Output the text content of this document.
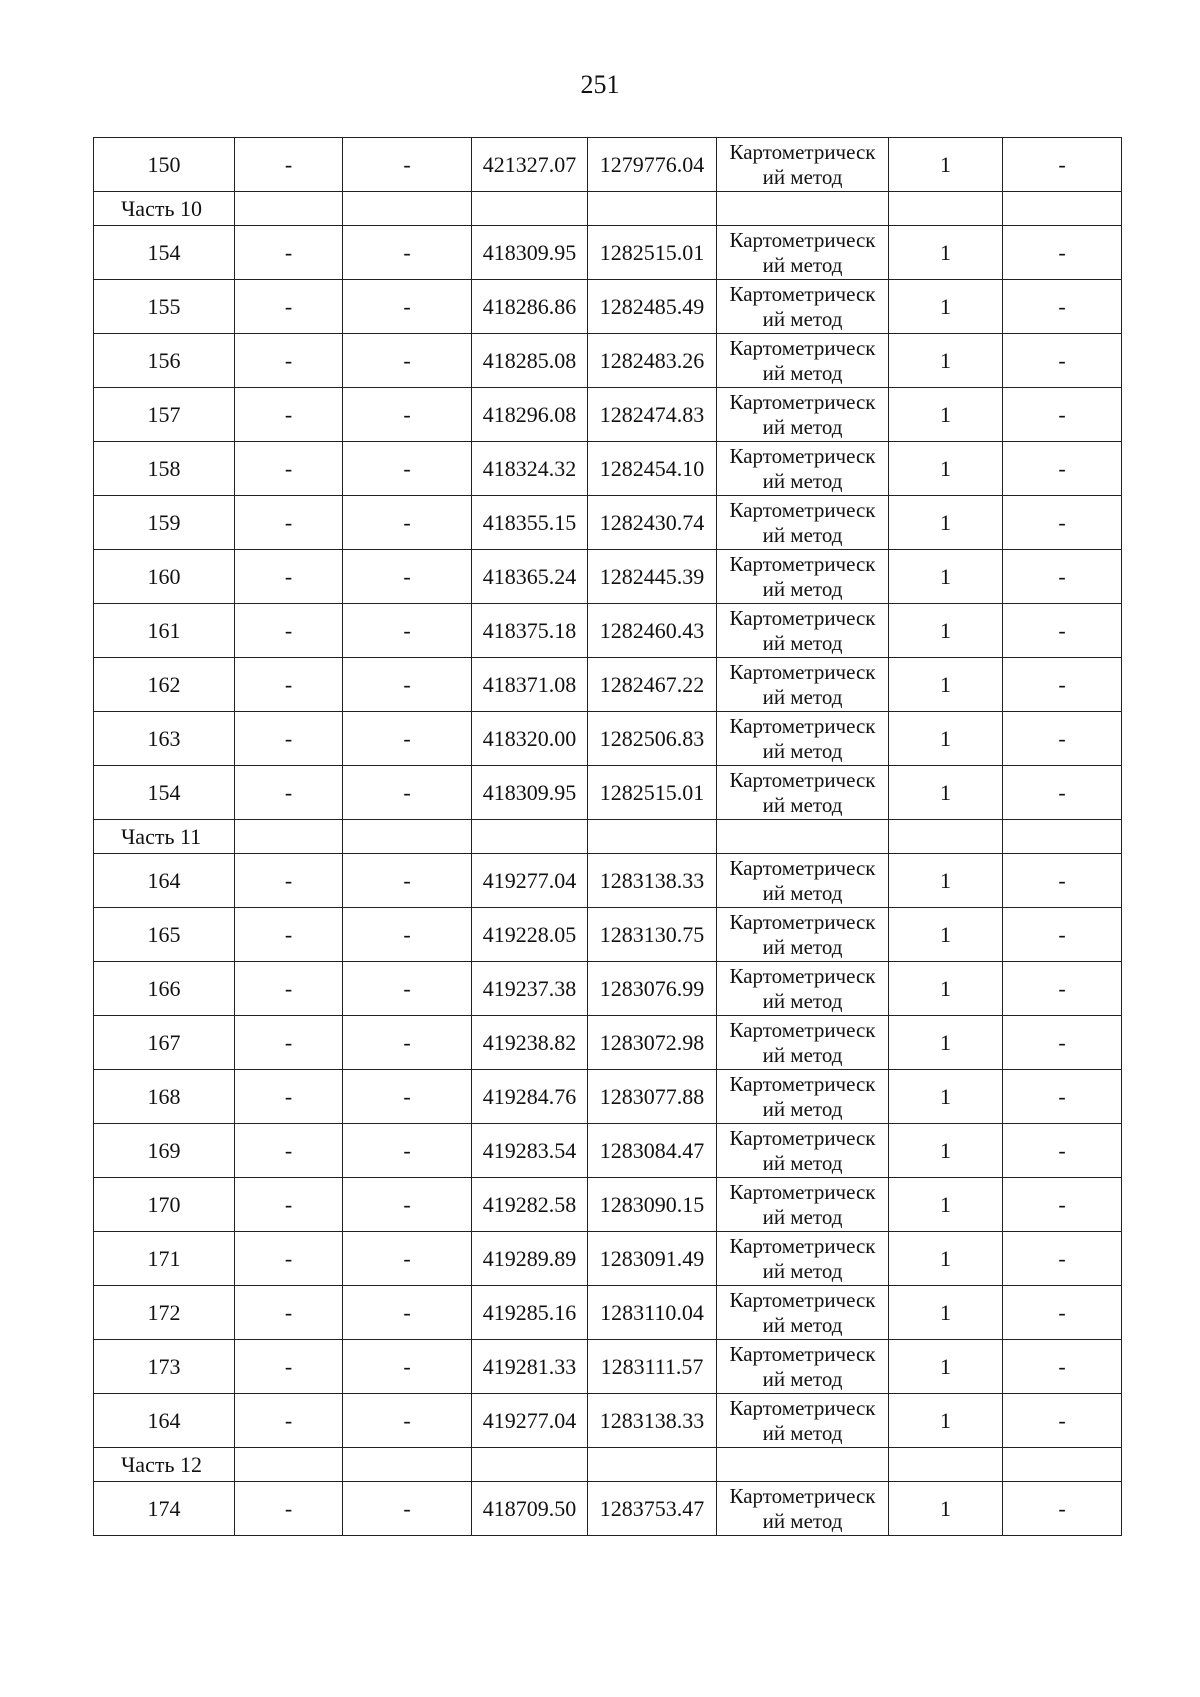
251
150	-	-	421327.07	1279776.04	Картометрическ
ий метод	1	-
Часть 10							
154	-	-	418309.95	1282515.01	Картометрическ
ий метод	1	-
155	-	-	418286.86	1282485.49	Картометрическ
ий метод	1	-
156	-	-	418285.08	1282483.26	Картометрическ
ий метод	1	-
157	-	-	418296.08	1282474.83	Картометрическ
ий метод	1	-
158	-	-	418324.32	1282454.10	Картометрическ
ий метод	1	-
159	-	-	418355.15	1282430.74	Картометрическ
ий метод	1	-
160	-	-	418365.24	1282445.39	Картометрическ
ий метод	1	-
161	-	-	418375.18	1282460.43	Картометрическ
ий метод	1	-
162	-	-	418371.08	1282467.22	Картометрическ
ий метод	1	-
163	-	-	418320.00	1282506.83	Картометрическ
ий метод	1	-
154	-	-	418309.95	1282515.01	Картометрическ
ий метод	1	-
Часть 11							
164	-	-	419277.04	1283138.33	Картометрическ
ий метод	1	-
165	-	-	419228.05	1283130.75	Картометрическ
ий метод	1	-
166	-	-	419237.38	1283076.99	Картометрическ
ий метод	1	-
167	-	-	419238.82	1283072.98	Картометрическ
ий метод	1	-
168	-	-	419284.76	1283077.88	Картометрическ
ий метод	1	-
169	-	-	419283.54	1283084.47	Картометрическ
ий метод	1	-
170	-	-	419282.58	1283090.15	Картометрическ
ий метод	1	-
171	-	-	419289.89	1283091.49	Картометрическ
ий метод	1	-
172	-	-	419285.16	1283110.04	Картометрическ
ий метод	1	-
173	-	-	419281.33	1283111.57	Картометрическ
ий метод	1	-
164	-	-	419277.04	1283138.33	Картометрическ
ий метод	1	-
Часть 12							
174	-	-	418709.50	1283753.47	Картометрическ
ий метод	1	-
